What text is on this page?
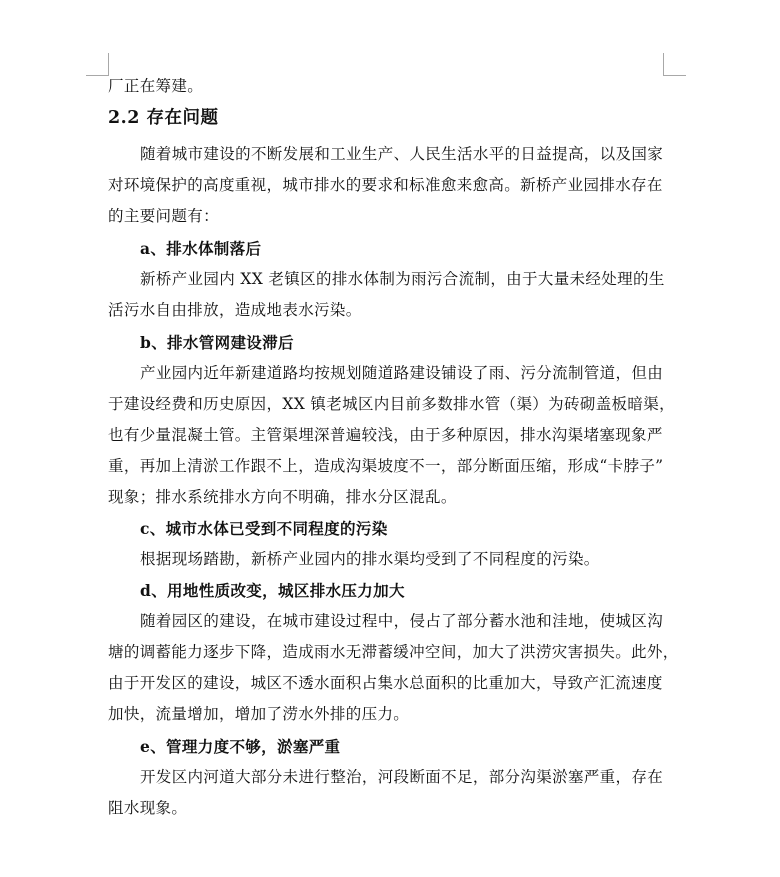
厂正在筹建。
2.2 存在问题
随着城市建设的不断发展和工业生产、人民生活水平的日益提高，以及国家
对环境保护的高度重视，城市排水的要求和标准愈来愈高。新桥产业园排水存在
的主要问题有：
a、排水体制落后
新桥产业园内 XX 老镇区的排水体制为雨污合流制，由于大量未经处理的生
活污水自由排放，造成地表水污染。
b、排水管网建设滞后
产业园内近年新建道路均按规划随道路建设铺设了雨、污分流制管道，但由
于建设经费和历史原因，XX 镇老城区内目前多数排水管（渠）为砖砌盖板暗渠，
也有少量混凝土管。主管渠埋深普遍较浅，由于多种原因，排水沟渠堵塞现象严
重，再加上清淤工作跟不上，造成沟渠坡度不一，部分断面压缩，形成“卡脖子”
现象；排水系统排水方向不明确，排水分区混乱。
c、城市水体已受到不同程度的污染
根据现场踏勘，新桥产业园内的排水渠均受到了不同程度的污染。
d、用地性质改变，城区排水压力加大
随着园区的建设，在城市建设过程中，侵占了部分蓄水池和洼地，使城区沟
塘的调蓄能力逐步下降，造成雨水无滞蓄缓冲空间，加大了洪涝灾害损失。此外，
由于开发区的建设，城区不透水面积占集水总面积的比重加大，导致产汇流速度
加快，流量增加，增加了涝水外排的压力。
e、管理力度不够，淤塞严重
开发区内河道大部分未进行整治，河段断面不足，部分沟渠淤塞严重，存在
阻水现象。
